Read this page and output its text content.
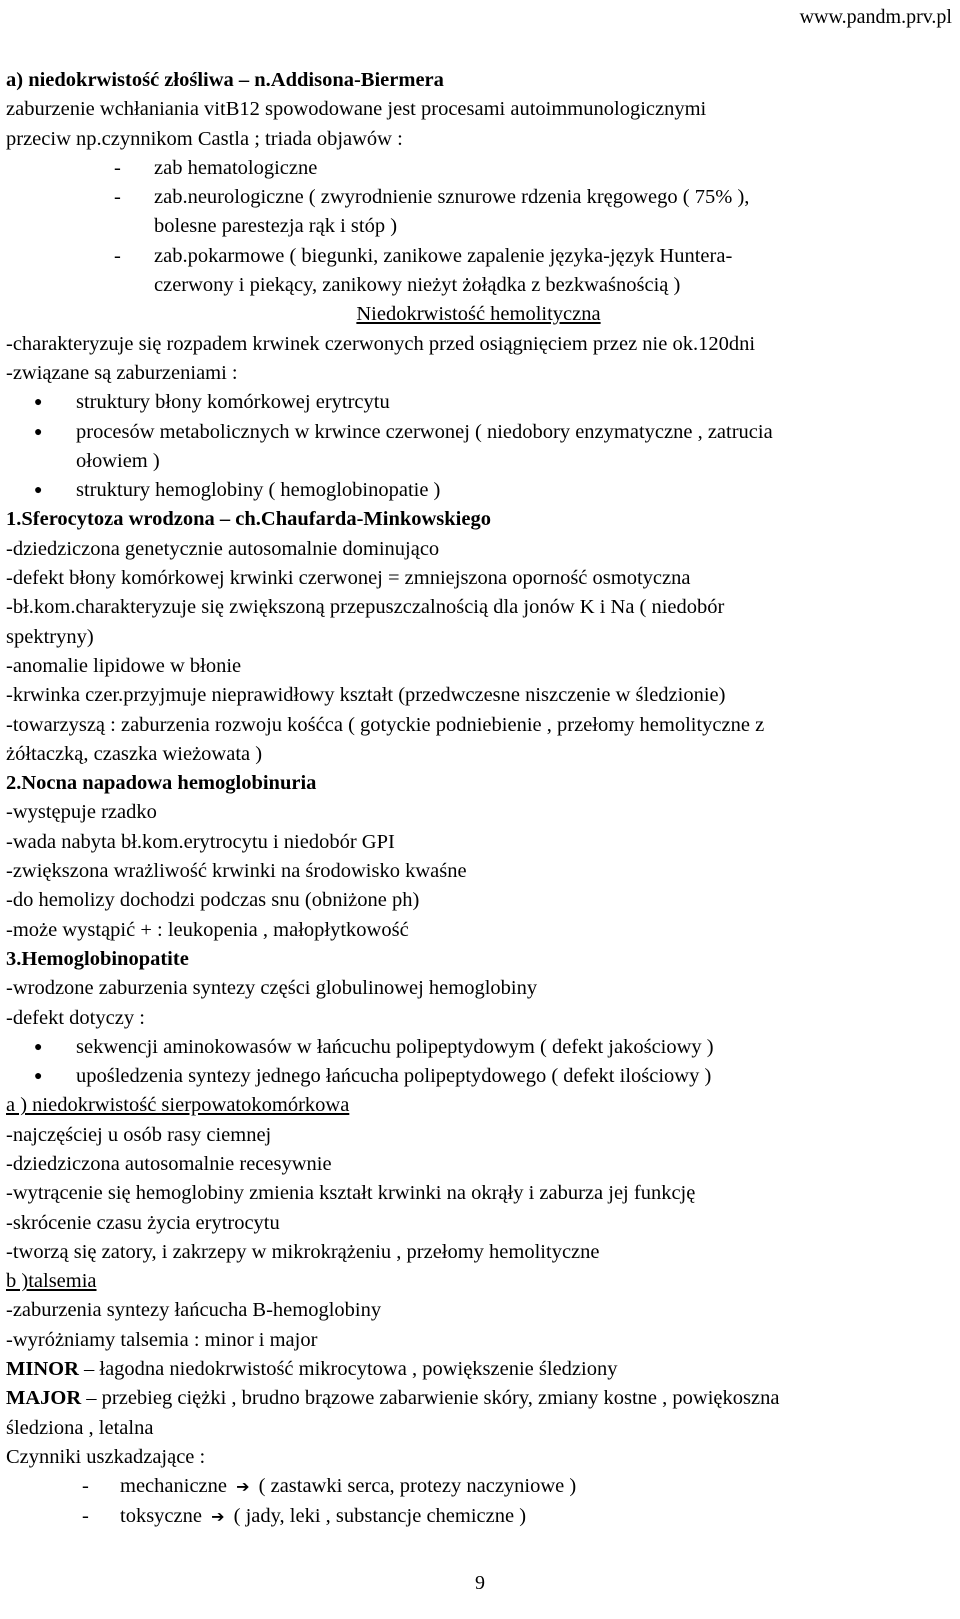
www.pandm.prv.pl
a) niedokrwistość złośliwa – n.Addisona-Biermera
zaburzenie wchłaniania vitB12 spowodowane jest procesami autoimmunologicznymi
przeciw np.czynnikom Castla ; triada objawów :
- zab hematologiczne
- zab.neurologiczne ( zwyrodnienie sznurowe rdzenia kręgowego ( 75% ),
bolesne parestezja rąk i stóp )
- zab.pokarmowe ( biegunki, zanikowe zapalenie języka-język Huntera-
czerwony i piekący, zanikowy nieżyt żołądka z bezkwaśnością )
Niedokrwistość hemolityczna
-charakteryzuje się rozpadem krwinek czerwonych przed osiągnięciem przez nie ok.120dni
-związane są zaburzeniami :
● struktury błony komórkowej erytrcytu
● procesów metabolicznych w krwince czerwonej ( niedobory enzymatyczne , zatrucia
ołowiem )
● struktury hemoglobiny ( hemoglobinopatie )
1.Sferocytoza wrodzona – ch.Chaufarda-Minkowskiego
-dziedziczona genetycznie autosomalnie dominująco
-defekt błony komórkowej krwinki czerwonej = zmniejszona oporność osmotyczna
-bł.kom.charakteryzuje się zwiększoną przepuszczalnością dla jonów K i Na ( niedobór
spektryny)
-anomalie lipidowe w błonie
-krwinka czer.przyjmuje nieprawidłowy kształt (przedwczesne niszczenie w śledzionie)
-towarzyszą : zaburzenia rozwoju kośćca ( gotyckie podniebienie , przełomy hemolityczne z
żółtaczką, czaszka wieżowata )
2.Nocna napadowa hemoglobinuria
-występuje rzadko
-wada nabyta bł.kom.erytrocytu i niedobór GPI
-zwiększona wrażliwość krwinki na środowisko kwaśne
-do hemolizy dochodzi podczas snu (obniżone ph)
-może wystąpić + : leukopenia , małopłytkowość
3.Hemoglobinopatite
-wrodzone zaburzenia syntezy części globulinowej hemoglobiny
-defekt dotyczy :
● sekwencji aminokowasów w łańcuchu polipeptydowym ( defekt jakościowy )
● upośledzenia syntezy jednego łańcucha polipeptydowego ( defekt ilościowy )
a ) niedokrwistość sierpowatokomórkowa
-najczęściej u osób rasy ciemnej
-dziedziczona autosomalnie recesywnie
-wytrącenie się hemoglobiny zmienia kształt krwinki na okrąły i zaburza jej funkcję
-skrócenie czasu życia erytrocytu
-tworzą się zatory, i zakrzepy w mikrokrążeniu , przełomy hemolityczne
b )talsemia
-zaburzenia syntezy łańcucha B-hemoglobiny
-wyróżniamy talsemia : minor i major
MINOR – łagodna niedokrwistość mikrocytowa , powiększenie śledziony
MAJOR – przebieg ciężki , brudno brązowe zabarwienie skóry, zmiany kostne , powiękoszna
śledziona , letalna
Czynniki uszkadzające :
- mechaniczne ➔ ( zastawki serca, protezy naczyniowe )
- toksyczne ➔ ( jady, leki , substancje chemiczne )
9
